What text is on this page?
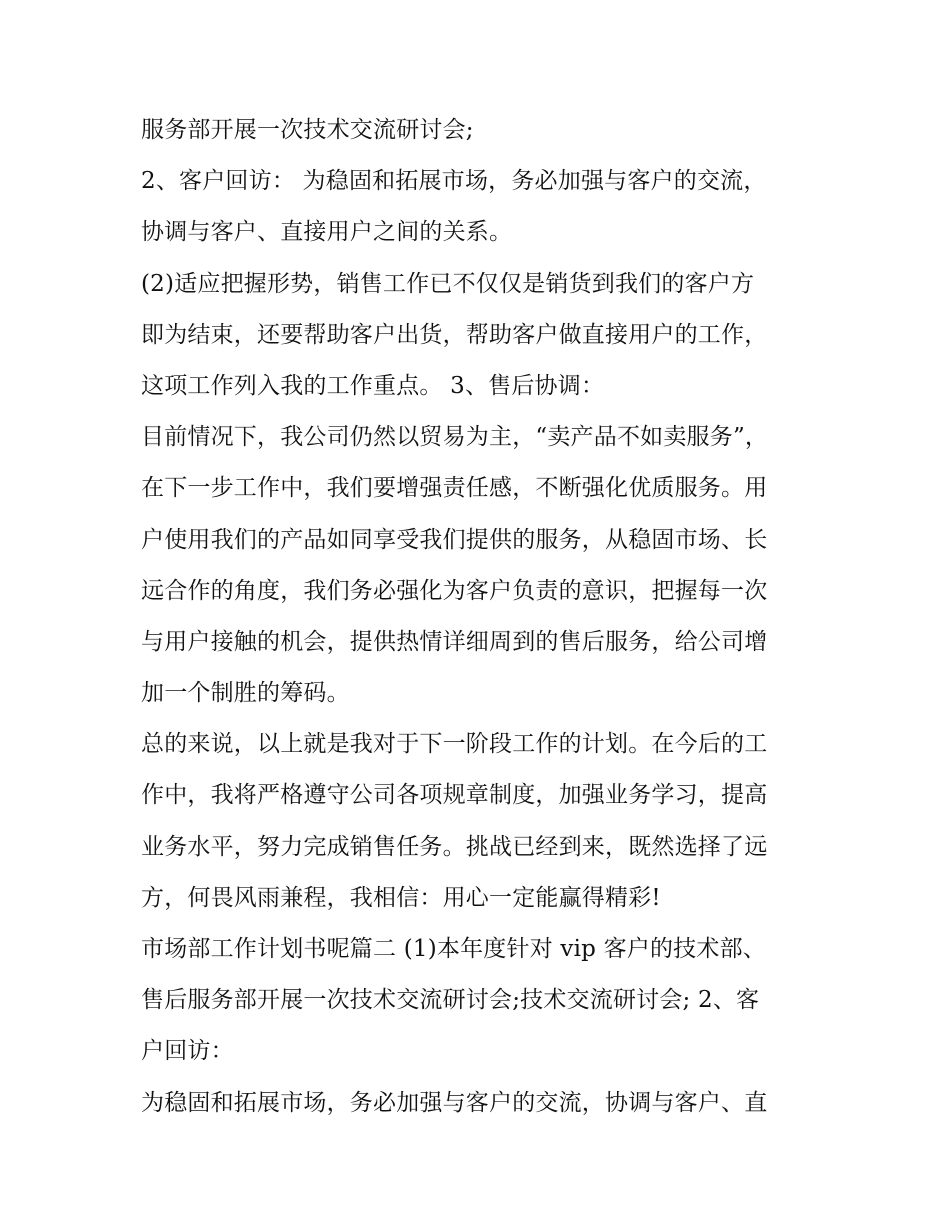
服务部开展一次技术交流研讨会;
2、客户回访： 为稳固和拓展市场，务必加强与客户的交流，
协调与客户、直接用户之间的关系。
(2)适应把握形势，销售工作已不仅仅是销货到我们的客户方
即为结束，还要帮助客户出货，帮助客户做直接用户的工作，
这项工作列入我的工作重点。 3、售后协调：
目前情况下，我公司仍然以贸易为主，“卖产品不如卖服务”，
在下一步工作中，我们要增强责任感，不断强化优质服务。用
户使用我们的产品如同享受我们提供的服务，从稳固市场、长
远合作的角度，我们务必强化为客户负责的意识，把握每一次
与用户接触的机会，提供热情详细周到的售后服务，给公司增
加一个制胜的筹码。
总的来说，以上就是我对于下一阶段工作的计划。在今后的工
作中，我将严格遵守公司各项规章制度，加强业务学习，提高
业务水平，努力完成销售任务。挑战已经到来，既然选择了远
方，何畏风雨兼程，我相信：用心一定能赢得精彩!
市场部工作计划书呢篇二 (1)本年度针对 vip 客户的技术部、
售后服务部开展一次技术交流研讨会;技术交流研讨会; 2、客
户回访：
为稳固和拓展市场，务必加强与客户的交流，协调与客户、直
